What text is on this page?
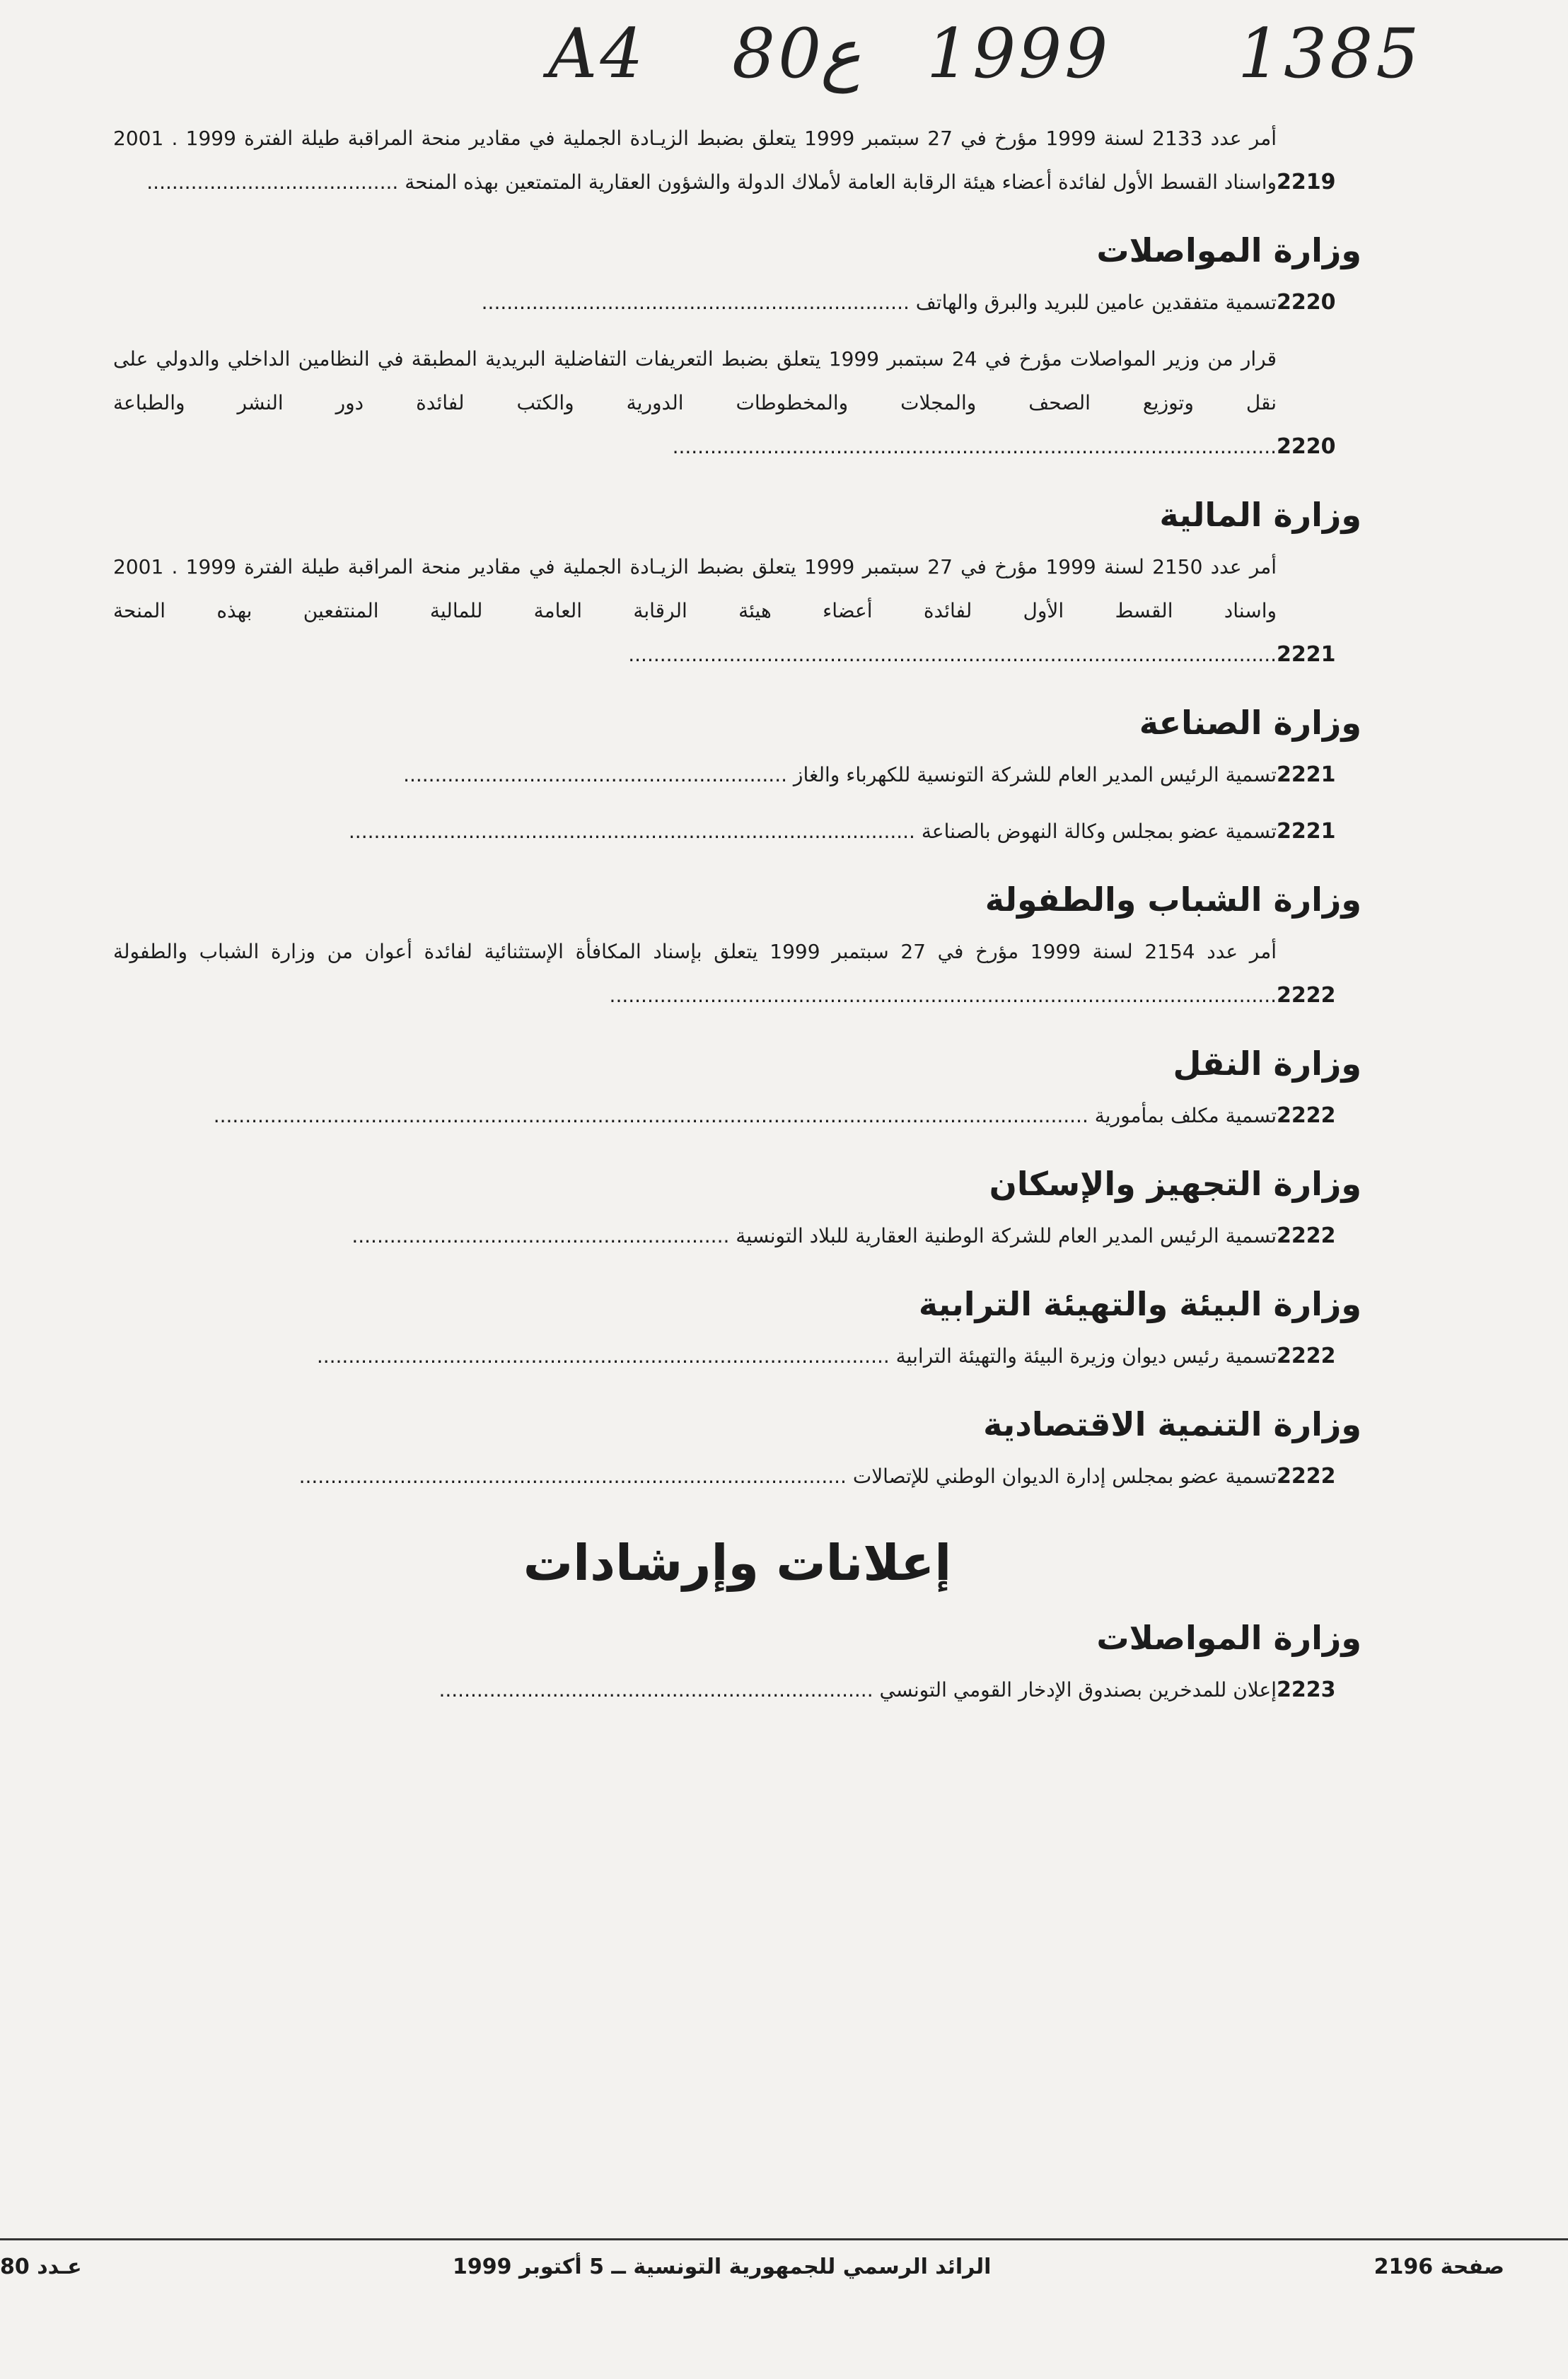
A4 80
ع 1999 1385
أمر عدد 2133 لسنة 1999 مؤرخ في 27 سبتمبر 1999 يتعلق بضبط الزيـادة الجملية في مقادير منحة المراقبة طيلة الفترة 1999 . 2001 واسناد القسط الأول لفائدة أعضاء هيئة الرقابة العامة لأملاك الدولة والشؤون العقارية المتمتعين بهذه المنحة ........................................	2219
وزارة المواصلات
تسمية متفقدين عامين للبريد والبرق والهاتف ....................................................................	2220
قرار من وزير المواصلات مؤرخ في 24 سبتمبر 1999 يتعلق بضبط التعريفات التفاضلية البريدية المطبقة في النظامين الداخلي والدولي على نقل وتوزيع الصحف والمجلات والمخطوطات الدورية والكتب لفائدة دور النشر والطباعة ................................................................................................ 2220
وزارة المالية
أمر عدد 2150 لسنة 1999 مؤرخ في 27 سبتمبر 1999 يتعلق بضبط الزيـادة الجملية في مقادير منحة المراقبة طيلة الفترة 1999 . 2001 واسناد القسط الأول لفائدة أعضاء هيئة الرقابة العامة للمالية المنتفعين بهذه المنحة ....................................................................................................... 2221
وزارة الصناعة
تسمية الرئيس المدير العام للشركة التونسية للكهرباء والغاز .............................................................	2221
تسمية عضو بمجلس وكالة النهوض بالصناعة ..........................................................................................	2221
وزارة الشباب والطفولة
أمر عدد 2154 لسنة 1999 مؤرخ في 27 سبتمبر 1999 يتعلق بإسناد المكافأة الإستثنائية لفائدة أعوان من وزارة الشباب والطفولة .......................................................................................................... 2222
وزارة النقل
تسمية مكلف بمأمورية ...........................................................................................................................................	2222
وزارة التجهيز والإسكان
تسمية الرئيس المدير العام للشركة الوطنية العقارية للبلاد التونسية ............................................................	2222
وزارة البيئة والتهيئة الترابية
تسمية رئيس ديوان وزيرة البيئة والتهيئة الترابية ...........................................................................................	2222
وزارة التنمية الاقتصادية
تسمية عضو بمجلس إدارة الديوان الوطني للإتصالات .......................................................................................	2222
إعلانات وإرشادات
وزارة المواصلات
إعلان للمدخرين بصندوق الإدخار القومي التونسي .....................................................................	2223
صفحة 2196
الرائد الرسمي للجمهورية التونسية ــ 5 أكتوبر 1999
عـدد 80
